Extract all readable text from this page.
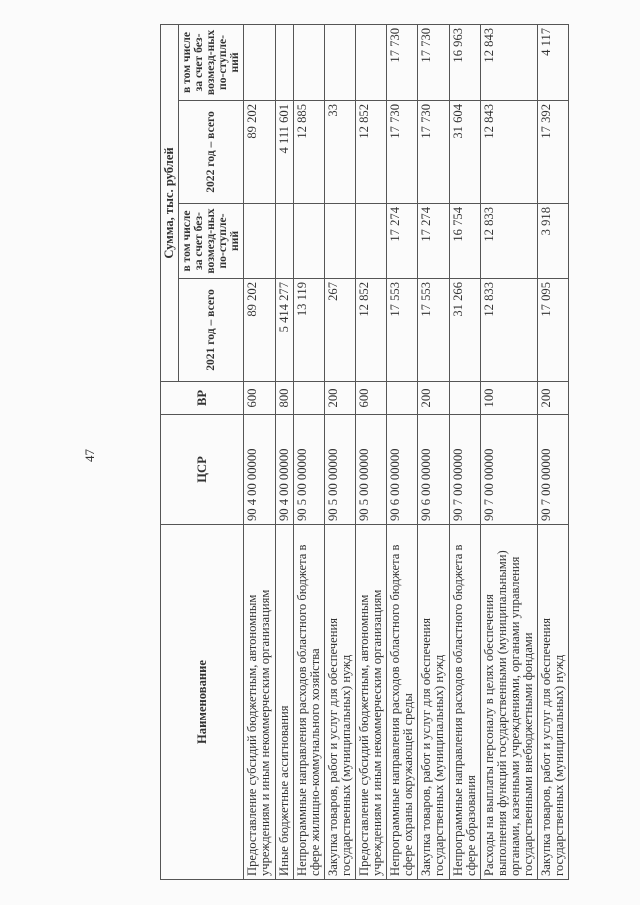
47
Наименование	ЦСР	ВР	Сумма, тыс. рублей			
			2021 год – всего	в том числе за счет без-возмезд-ных по-ступле-ний	2022 год – всего	в том числе за счет без-возмезд-ных по-ступле-ний
Предоставление субсидий бюджетным, автономным учреждениям и иным некоммерческим организациям	90 4 00 00000	600	89 202		89 202	
Иные бюджетные ассигнования	90 4 00 00000	800	5 414 277		4 111 601	
Непрограммные направления расходов областного бюджета в сфере жилищно-коммунального хозяйства	90 5 00 00000		13 119		12 885	
Закупка товаров, работ и услуг для обеспечения государственных (муниципальных) нужд	90 5 00 00000	200	267		33	
Предоставление субсидий бюджетным, автономным учреждениям и иным некоммерческим организациям	90 5 00 00000	600	12 852		12 852	
Непрограммные направления расходов областного бюджета в сфере охраны окружающей среды	90 6 00 00000		17 553	17 274	17 730	17 730
Закупка товаров, работ и услуг для обеспечения государственных (муниципальных) нужд	90 6 00 00000	200	17 553	17 274	17 730	17 730
Непрограммные направления расходов областного бюджета в сфере образования	90 7 00 00000		31 266	16 754	31 604	16 963
Расходы на выплаты персоналу в целях обеспечения выполнения функций государственными (муниципальными) органами, казенными учреждениями, органами управления государственными внебюджетными фондами	90 7 00 00000	100	12 833	12 833	12 843	12 843
Закупка товаров, работ и услуг для обеспечения государственных (муниципальных) нужд	90 7 00 00000	200	17 095	3 918	17 392	4 117
